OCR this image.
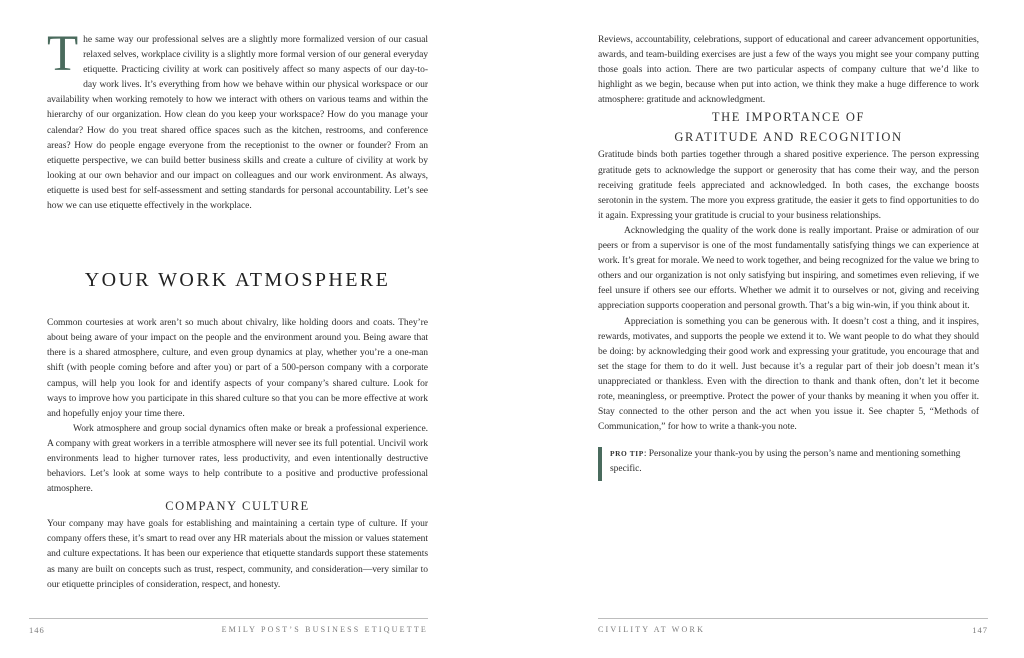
The same way our professional selves are a slightly more formalized version of our casual relaxed selves, workplace civility is a slightly more formal version of our general everyday etiquette. Practicing civility at work can positively affect so many aspects of our day-to-day work lives. It’s everything from how we behave within our physical workspace or our availability when working remotely to how we interact with others on various teams and within the hierarchy of our organization. How clean do you keep your workspace? How do you manage your calendar? How do you treat shared office spaces such as the kitchen, restrooms, and conference areas? How do people engage everyone from the receptionist to the owner or founder? From an etiquette perspective, we can build better business skills and create a culture of civility at work by looking at our own behavior and our impact on colleagues and our work environment. As always, etiquette is used best for self-assessment and setting standards for personal accountability. Let’s see how we can use etiquette effectively in the workplace.

YOUR WORK ATMOSPHERE

Common courtesies at work aren’t so much about chivalry, like holding doors and coats. They’re about being aware of your impact on the people and the environment around you. Being aware that there is a shared atmosphere, culture, and even group dynamics at play, whether you’re a one-man shift (with people coming before and after you) or part of a 500-person company with a corporate campus, will help you look for and identify aspects of your company’s shared culture. Look for ways to improve how you participate in this shared culture so that you can be more effective at work and hopefully enjoy your time there.

Work atmosphere and group social dynamics often make or break a professional experience. A company with great workers in a terrible atmosphere will never see its full potential. Uncivil work environments lead to higher turnover rates, less productivity, and even intentionally destructive behaviors. Let’s look at some ways to help contribute to a positive and productive professional atmosphere.

COMPANY CULTURE

Your company may have goals for establishing and maintaining a certain type of culture. If your company offers these, it’s smart to read over any HR materials about the mission or values statement and culture expectations. It has been our experience that etiquette standards support these statements as many are built on concepts such as trust, respect, community, and consideration—very similar to our etiquette principles of consideration, respect, and honesty.

146	EMILY POST’S BUSINESS ETIQUETTE

Reviews, accountability, celebrations, support of educational and career advancement opportunities, awards, and team-building exercises are just a few of the ways you might see your company putting those goals into action. There are two particular aspects of company culture that we’d like to highlight as we begin, because when put into action, we think they make a huge difference to work atmosphere: gratitude and acknowledgment.

THE IMPORTANCE OF
GRATITUDE AND RECOGNITION

Gratitude binds both parties together through a shared positive experience. The person expressing gratitude gets to acknowledge the support or generosity that has come their way, and the person receiving gratitude feels appreciated and acknowledged. In both cases, the exchange boosts serotonin in the system. The more you express gratitude, the easier it gets to find opportunities to do it again. Expressing your gratitude is crucial to your business relationships.

Acknowledging the quality of the work done is really important. Praise or admiration of our peers or from a supervisor is one of the most fundamentally satisfying things we can experience at work. It’s great for morale. We need to work together, and being recognized for the value we bring to others and our organization is not only satisfying but inspiring, and sometimes even relieving, if we feel unsure if others see our efforts. Whether we admit it to ourselves or not, giving and receiving appreciation supports cooperation and personal growth. That’s a big win-win, if you think about it.

Appreciation is something you can be generous with. It doesn’t cost a thing, and it inspires, rewards, motivates, and supports the people we extend it to. We want people to do what they should be doing: by acknowledging their good work and expressing your gratitude, you encourage that and set the stage for them to do it well. Just because it’s a regular part of their job doesn’t mean it’s unappreciated or thankless. Even with the direction to thank and thank often, don’t let it become rote, meaningless, or preemptive. Protect the power of your thanks by meaning it when you offer it. Stay connected to the other person and the act when you issue it. See chapter 5, “Methods of Communication,” for how to write a thank-you note.

PRO TIP: Personalize your thank-you by using the person’s name and mentioning something specific.

CIVILITY AT WORK	147
